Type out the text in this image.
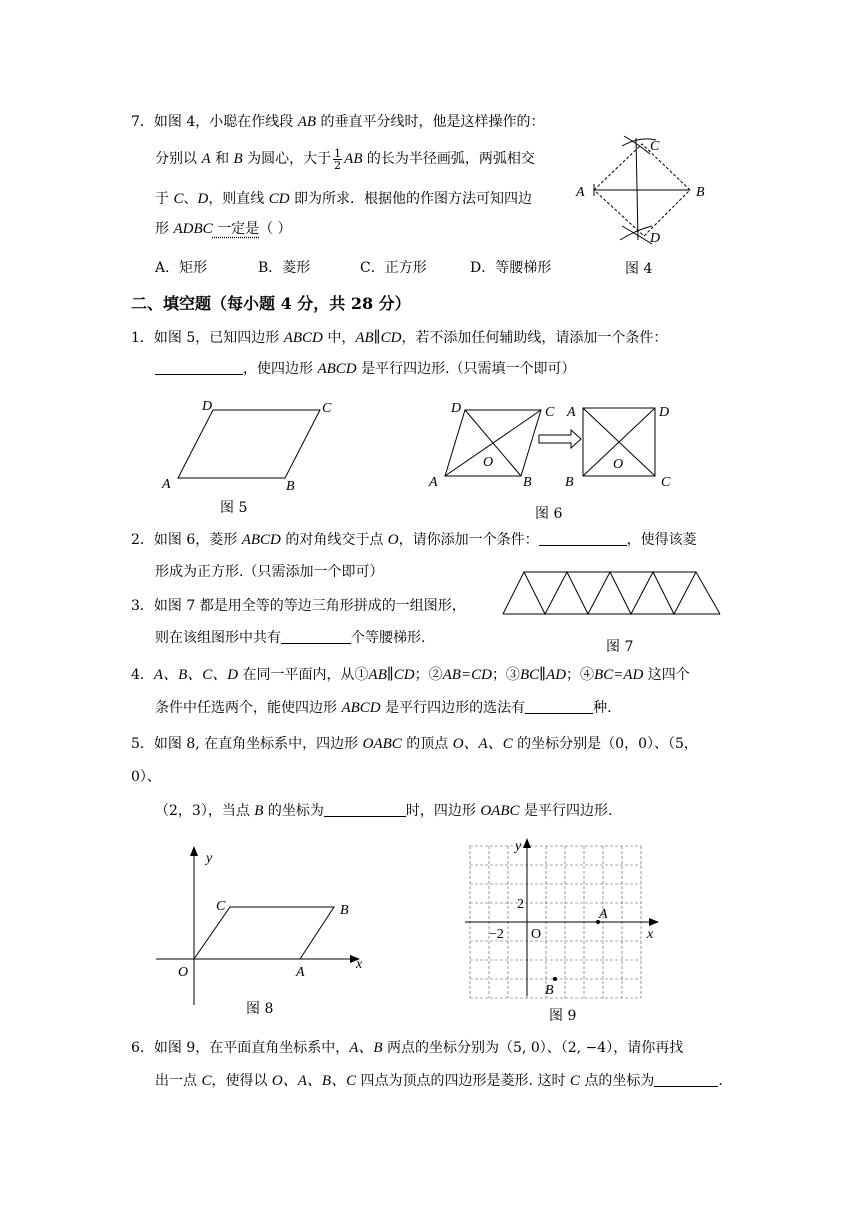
7．如图 4，小聪在作线段 AB 的垂直平分线时，他是这样操作的：
分别以 A 和 B 为圆心，大于 $\frac{1}{2}$ AB 的长为半径画弧，两弧相交
于 C、D，则直线 CD 即为所求．根据他的作图方法可知四边
形 ADBC 一定是（ ）
A．矩形	B．菱形	C．正方形	D．等腰梯形
A	B
C
D
图 4
二、填空题（每小题 4 分，共 28 分）
1．如图 5，已知四边形 ABCD 中，AB∥CD，若不添加任何辅助线，请添加一个条件：
，使四边形 ABCD 是平行四边形.（只需填一个即可）
A	B
C
D
图 5
A	B
C
D
O
A
B	C
D
O
图 6
2．如图 6，菱形 ABCD 的对角线交于点 O，请你添加一个条件：	，使得该菱
形成为正方形.（只需添加一个即可）
3．如图 7 都是用全等的等边三角形拼成的一组图形，
则在该组图形中共有	个等腰梯形.
图 7
4．A、B、C、D 在同一平面内，从①AB∥CD；②AB=CD；③BC∥AD；④BC=AD 这四个
条件中任选两个，能使四边形 ABCD 是平行四边形的选法有	种.
5．如图 8, 在直角坐标系中，四边形 OABC 的顶点 O、A、C 的坐标分别是（0，0）、（5，
0）、
（2，3），当点 B 的坐标为	时，四边形 OABC 是平行四边形.
y
x
O	A
B
C
图 8
y
x
2
−2 O
A
B
图 9
6．如图 9，在平面直角坐标系中，A、B 两点的坐标分别为（5, 0）、（2, −4），请你再找
出一点 C，使得以 O、A、B、C 四点为顶点的四边形是菱形. 这时 C 点的坐标为	.
